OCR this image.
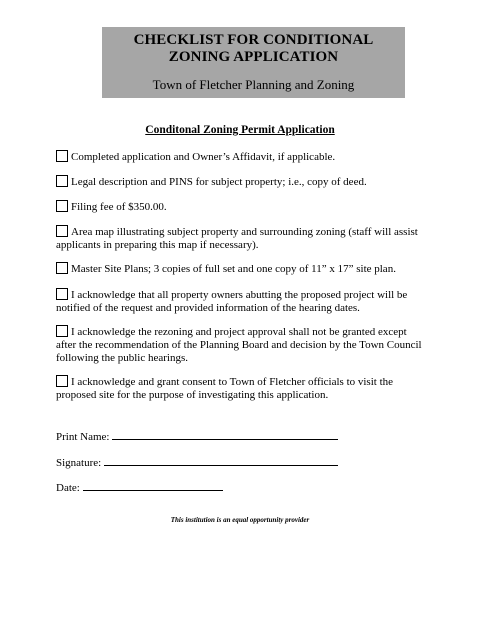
CHECKLIST FOR CONDITIONAL ZONING APPLICATION
Town of Fletcher Planning and Zoning
Conditonal Zoning Permit Application
Completed application and Owner’s Affidavit, if applicable.
Legal description and PINS for subject property; i.e., copy of deed.
Filing fee of $350.00.
Area map illustrating subject property and surrounding zoning (staff will assist applicants in preparing this map if necessary).
Master Site Plans; 3 copies of full set and one copy of 11” x 17” site plan.
I acknowledge that all property owners abutting the proposed project will be notified of the request and provided information of the hearing dates.
I acknowledge the rezoning and project approval shall not be granted except after the recommendation of the Planning Board and decision by the Town Council following the public hearings.
I acknowledge and grant consent to Town of Fletcher officials to visit the proposed site for the purpose of investigating this application.
Print Name:
Signature:
Date:
This institution is an equal opportunity provider
